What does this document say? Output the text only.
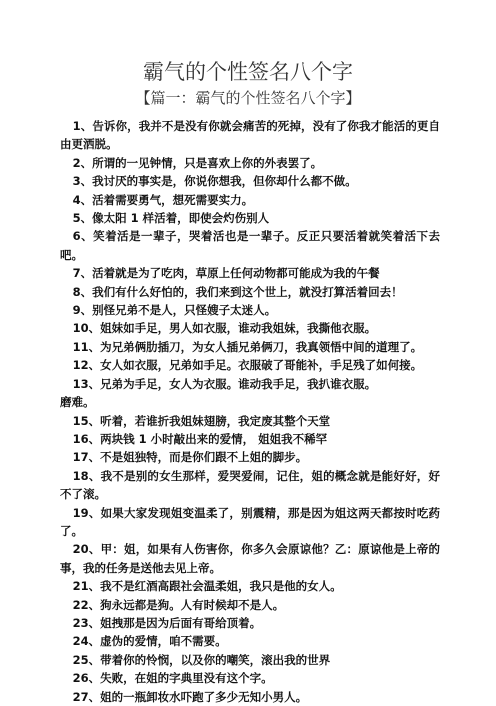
霸气的个性签名八个字

【篇一：霸气的个性签名八个字】

1、告诉你，我并不是没有你就会痛苦的死掉，没有了你我才能活的更自由更洒脱。
2、所谓的一见钟情，只是喜欢上你的外表罢了。
3、我讨厌的事实是，你说你想我，但你却什么都不做。
4、活着需要勇气，想死需要实力。
5、像太阳 1 样活着，即使会灼伤别人
6、笑着活是一辈子，哭着活也是一辈子。反正只要活着就笑着活下去吧。
7、活着就是为了吃肉，草原上任何动物都可能成为我的午餐
8、我们有什么好怕的，我们来到这个世上，就没打算活着回去！
9、别怪兄弟不是人，只怪嫂子太迷人。
10、姐妹如手足，男人如衣服，谁动我姐妹，我撕他衣服。
11、为兄弟俩肋插刀，为女人插兄弟俩刀，我真领悟中间的道理了。
12、女人如衣服，兄弟如手足。衣服破了哥能补，手足残了如何接。
13、兄弟为手足，女人为衣服。谁动我手足，我扒谁衣服。
磨难。
15、听着，若谁折我姐妹翅膀，我定废其整个天堂
16、两块钱 1 小时敲出来的爱情， 姐姐我不稀罕
17、不是姐独特，而是你们跟不上姐的脚步。
18、我不是别的女生那样，爱哭爱闹，记住，姐的概念就是能好好，好不了滚。
19、如果大家发现姐变温柔了，别震精，那是因为姐这两天都按时吃药了。
20、甲：姐，如果有人伤害你，你多久会原谅他？乙：原谅他是上帝的事，我的任务是送他去见上帝。
21、我不是红酒高跟社会温柔姐，我只是他的女人。
22、狗永远都是狗。人有时候却不是人。
23、姐拽那是因为后面有哥给顶着。
24、虚伪的爱情，咱不需要。
25、带着你的怜悯，以及你的嘲笑，滚出我的世界
26、失败，在姐的字典里没有这个字。
27、姐的一瓶卸妆水吓跑了多少无知小男人。
